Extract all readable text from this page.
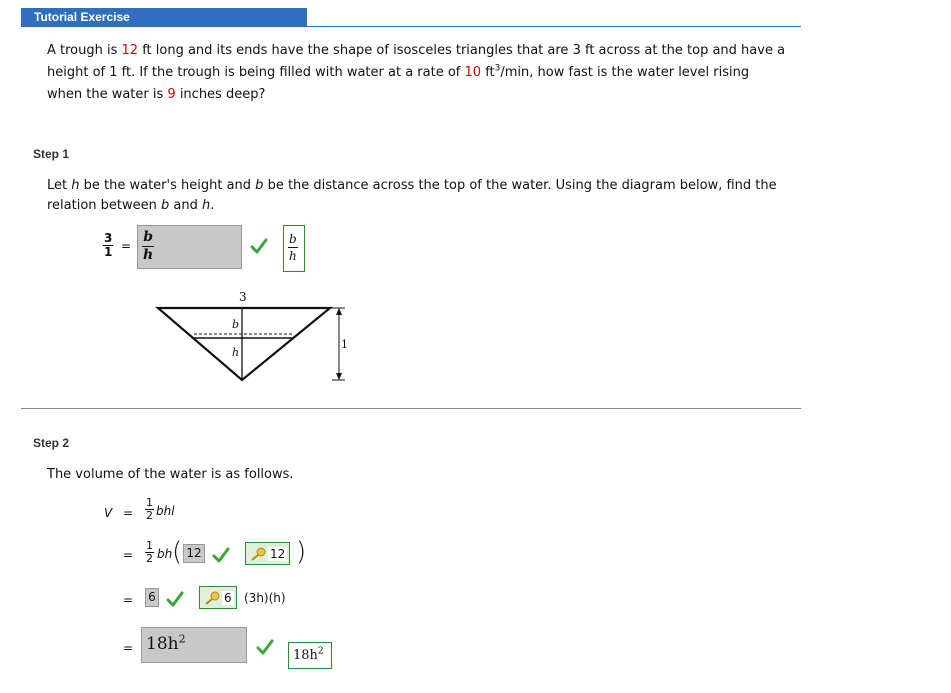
Tutorial Exercise
A trough is 12 ft long and its ends have the shape of isosceles triangles that are 3 ft across at the top and have a height of 1 ft. If the trough is being filled with water at a rate of 10 $ft^3/\min$, how fast is the water level rising when the water is 9 inches deep?
Step 1
Let h be the water's height and b be the distance across the top of the water. Using the diagram below, find the relation between b and h.
$\frac{3}{1} = \frac{b}{h}$	$\frac{b}{h}$
3
b
h
1
Step 2
The volume of the water is as follows.
$V = \frac{1}{2}$ bhl
= $\frac{1}{2}$ bh ( 12	12 )
= 6	6 (3h)(h)
= $18h^2$
$18h^2$
